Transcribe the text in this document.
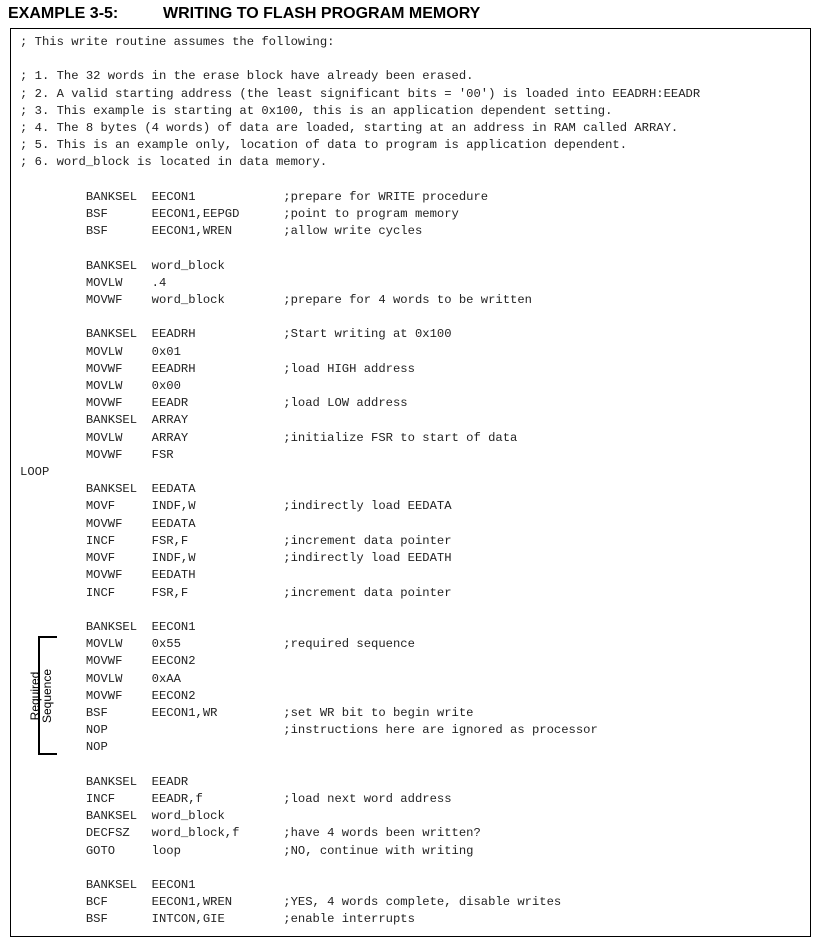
EXAMPLE 3-5:	WRITING TO FLASH PROGRAM MEMORY
; This write routine assumes the following:
; 1. The 32 words in the erase block have already been erased.
; 2. A valid starting address (the least significant bits = '00') is loaded into EEADRH:EEADR
; 3. This example is starting at 0x100, this is an application dependent setting.
; 4. The 8 bytes (4 words) of data are loaded, starting at an address in RAM called ARRAY.
; 5. This is an example only, location of data to program is application dependent.
; 6. word_block is located in data memory.
BANKSEL  EECON1            ;prepare for WRITE procedure
BSF      EECON1,EEPGD      ;point to program memory
BSF      EECON1,WREN       ;allow write cycles
BANKSEL  word_block
MOVLW    .4
MOVWF    word_block        ;prepare for 4 words to be written
BANKSEL  EEADRH            ;Start writing at 0x100
MOVLW    0x01
MOVWF    EEADRH            ;load HIGH address
MOVLW    0x00
MOVWF    EEADR             ;load LOW address
BANKSEL  ARRAY
MOVLW    ARRAY             ;initialize FSR to start of data
MOVWF    FSR
LOOP
BANKSEL  EEDATA
MOVF     INDF,W            ;indirectly load EEDATA
MOVWF    EEDATA
INCF     FSR,F             ;increment data pointer
MOVF     INDF,W            ;indirectly load EEDATH
MOVWF    EEDATH
INCF     FSR,F             ;increment data pointer
BANKSEL  EECON1
MOVLW    0x55              ;required sequence
MOVWF    EECON2
MOVLW    0xAA
MOVWF    EECON2
BSF      EECON1,WR         ;set WR bit to begin write
NOP                        ;instructions here are ignored as processor
NOP
BANKSEL  EEADR
INCF     EEADR,f           ;load next word address
BANKSEL  word_block
DECFSZ   word_block,f      ;have 4 words been written?
GOTO     loop              ;NO, continue with writing
BANKSEL  EECON1
BCF      EECON1,WREN       ;YES, 4 words complete, disable writes
BSF      INTCON,GIE        ;enable interrupts
Required
Sequence
